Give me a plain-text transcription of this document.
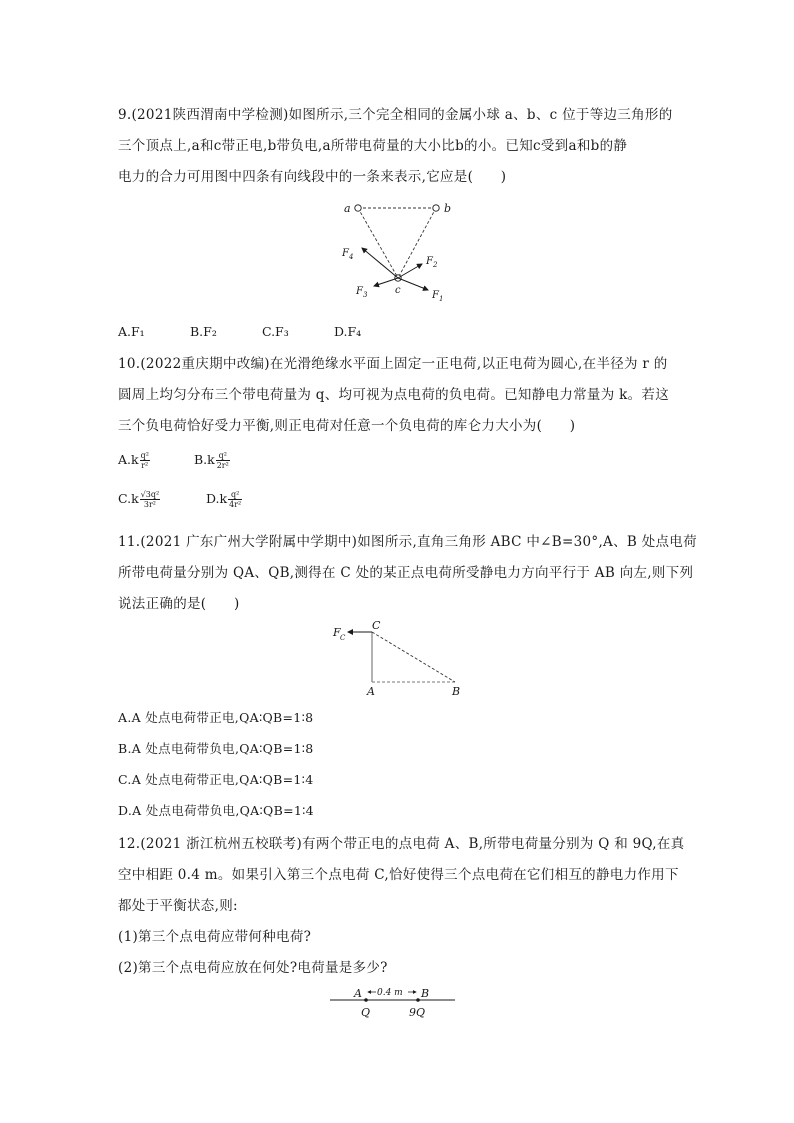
9.(2021陕西渭南中学检测)如图所示,三个完全相同的金属小球 a、b、c 位于等边三角形的
三个顶点上,a和c带正电,b带负电,a所带电荷量的大小比b的小。已知c受到a和b的静
电力的合力可用图中四条有向线段中的一条来表示,它应是(　　)
a	b
c	F 1
F 2
F 3
F 4
A.F₁	B.F₂	C.F₃	D.F₄
10.(2022重庆期中改编)在光滑绝缘水平面上固定一正电荷,以正电荷为圆心,在半径为 r 的
圆周上均匀分布三个带电荷量为 q、均可视为点电荷的负电荷。已知静电力常量为 k。若这
三个负电荷恰好受力平衡,则正电荷对任意一个负电荷的库仑力大小为(　　)
$A.k \frac{\text{q²}}{\text{r²}}$	$B.k \frac{\text{q²}}{\text{2r²}}$
$C.k \frac{\text{√3q²}}{\text{3r²}}$	$D.k \frac{\text{q²}}{\text{4r²}}$
11.(2021 广东广州大学附属中学期中)如图所示,直角三角形 ABC 中∠B=30°,A、B 处点电荷
所带电荷量分别为 QA、QB,测得在 C 处的某正点电荷所受静电力方向平行于 AB 向左,则下列
说法正确的是(　　)
F C
C
A	B
A.A 处点电荷带正电,QA∶QB=1∶8
B.A 处点电荷带负电,QA∶QB=1∶8
C.A 处点电荷带正电,QA∶QB=1∶4
D.A 处点电荷带负电,QA∶QB=1∶4
12.(2021 浙江杭州五校联考)有两个带正电的点电荷 A、B,所带电荷量分别为 Q 和 9Q,在真
空中相距 0.4 m。如果引入第三个点电荷 C,恰好使得三个点电荷在它们相互的静电力作用下
都处于平衡状态,则:
(1)第三个点电荷应带何种电荷?
(2)第三个点电荷应放在何处?电荷量是多少?
A	B
0.4 m
Q	9Q
